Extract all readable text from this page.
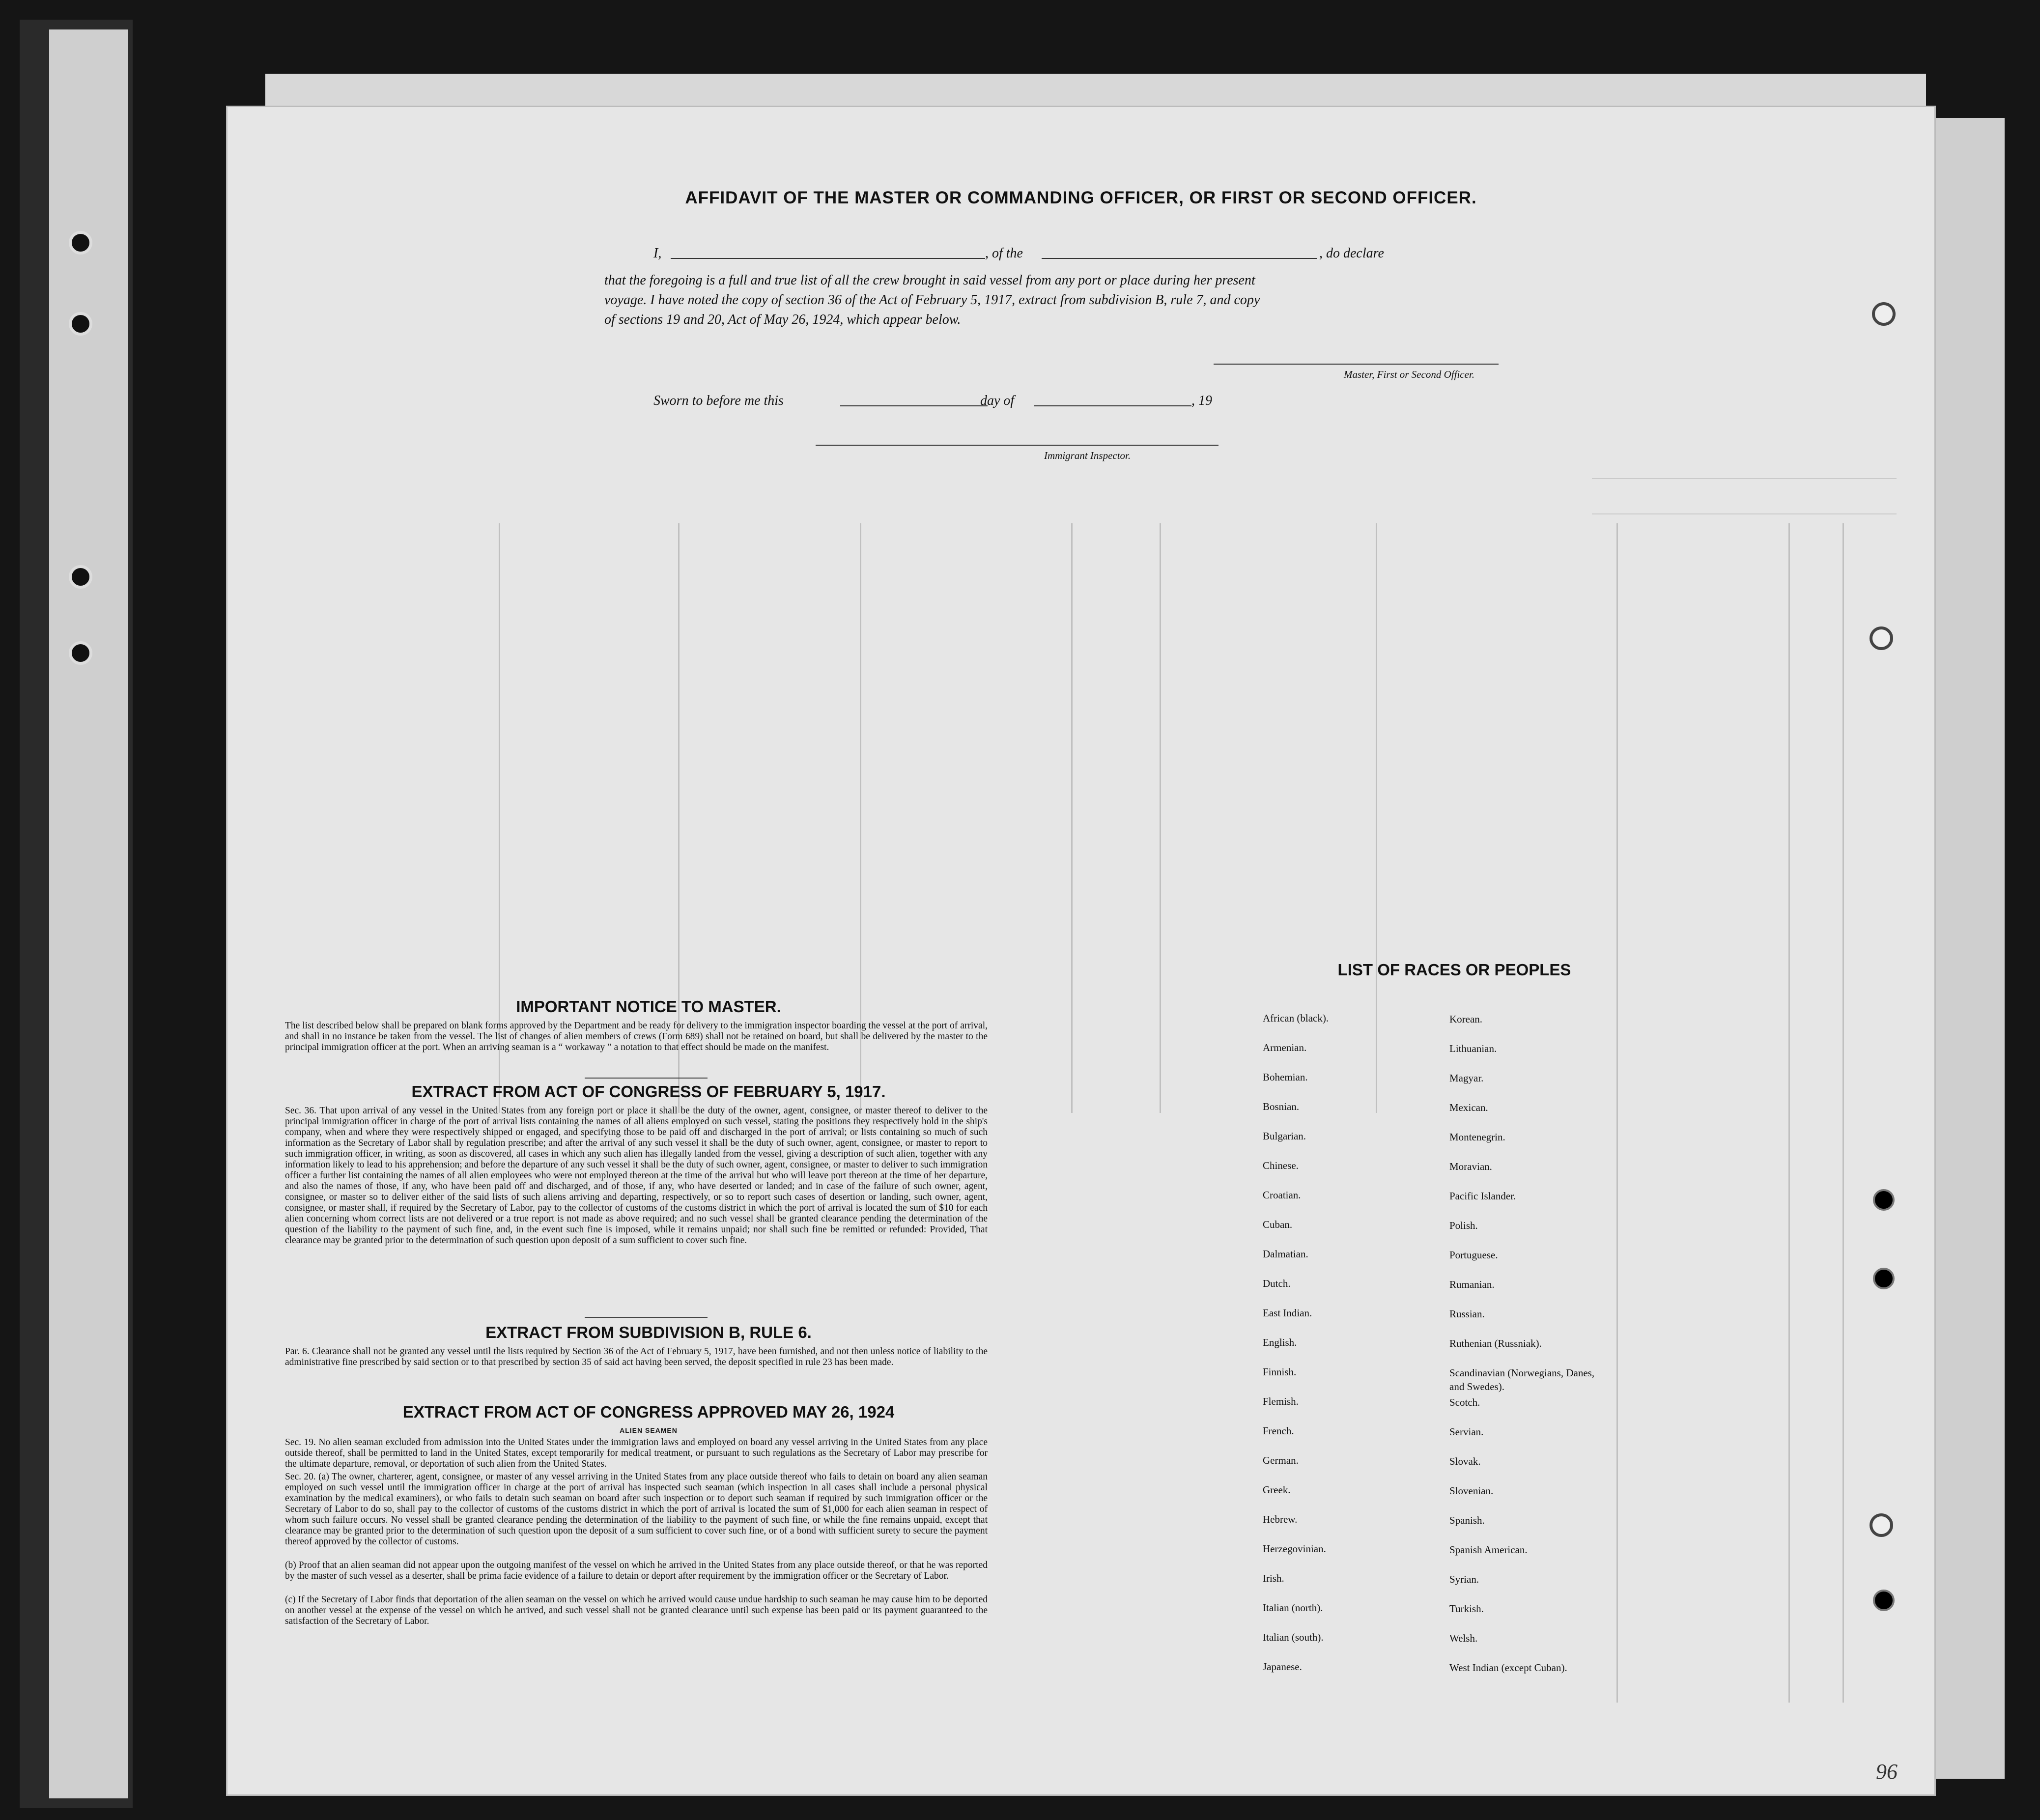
AFFIDAVIT OF THE MASTER OR COMMANDING OFFICER, OR FIRST OR SECOND OFFICER.
I,	, of the	, do declare
that the foregoing is a full and true list of all the crew brought in said vessel from any port or place during her present
voyage. I have noted the copy of section 36 of the Act of February 5, 1917, extract from subdivision B, rule 7, and copy
of sections 19 and 20, Act of May 26, 1924, which appear below.
Master, First or Second Officer.
Sworn to before me this	day of	, 19
Immigrant Inspector.
IMPORTANT NOTICE TO MASTER.
The list described below shall be prepared on blank forms approved by the Department and be ready for delivery to the immigration inspector boarding the vessel at the port of arrival, and shall in no instance be taken from the vessel. The list of changes of alien members of crews (Form 689) shall not be retained on board, but shall be delivered by the master to the principal immigration officer at the port. When an arriving seaman is a “ workaway ” a notation to that effect should be made on the manifest.
EXTRACT FROM ACT OF CONGRESS OF FEBRUARY 5, 1917.
Sec. 36. That upon arrival of any vessel in the United States from any foreign port or place it shall be the duty of the owner, agent, consignee, or master thereof to deliver to the principal immigration officer in charge of the port of arrival lists containing the names of all aliens employed on such vessel, stating the positions they respectively hold in the ship's company, when and where they were respectively shipped or engaged, and specifying those to be paid off and discharged in the port of arrival; or lists containing so much of such information as the Secretary of Labor shall by regulation prescribe; and after the arrival of any such vessel it shall be the duty of such owner, agent, consignee, or master to report to such immigration officer, in writing, as soon as discovered, all cases in which any such alien has illegally landed from the vessel, giving a description of such alien, together with any information likely to lead to his apprehension; and before the departure of any such vessel it shall be the duty of such owner, agent, consignee, or master to deliver to such immigration officer a further list containing the names of all alien employees who were not employed thereon at the time of the arrival but who will leave port thereon at the time of her departure, and also the names of those, if any, who have been paid off and discharged, and of those, if any, who have deserted or landed; and in case of the failure of such owner, agent, consignee, or master so to deliver either of the said lists of such aliens arriving and departing, respectively, or so to report such cases of desertion or landing, such owner, agent, consignee, or master shall, if required by the Secretary of Labor, pay to the collector of customs of the customs district in which the port of arrival is located the sum of $10 for each alien concerning whom correct lists are not delivered or a true report is not made as above required; and no such vessel shall be granted clearance pending the determination of the question of the liability to the payment of such fine, and, in the event such fine is imposed, while it remains unpaid; nor shall such fine be remitted or refunded: Provided, That clearance may be granted prior to the determination of such question upon deposit of a sum sufficient to cover such fine.
EXTRACT FROM SUBDIVISION B, RULE 6.
Par. 6. Clearance shall not be granted any vessel until the lists required by Section 36 of the Act of February 5, 1917, have been furnished, and not then unless notice of liability to the administrative fine prescribed by said section or to that prescribed by section 35 of said act having been served, the deposit specified in rule 23 has been made.
EXTRACT FROM ACT OF CONGRESS APPROVED MAY 26, 1924
ALIEN SEAMEN
Sec. 19. No alien seaman excluded from admission into the United States under the immigration laws and employed on board any vessel arriving in the United States from any place outside thereof, shall be permitted to land in the United States, except temporarily for medical treatment, or pursuant to such regulations as the Secretary of Labor may prescribe for the ultimate departure, removal, or deportation of such alien from the United States.
Sec. 20. (a) The owner, charterer, agent, consignee, or master of any vessel arriving in the United States from any place outside thereof who fails to detain on board any alien seaman employed on such vessel until the immigration officer in charge at the port of arrival has inspected such seaman (which inspection in all cases shall include a personal physical examination by the medical examiners), or who fails to detain such seaman on board after such inspection or to deport such seaman if required by such immigration officer or the Secretary of Labor to do so, shall pay to the collector of customs of the customs district in which the port of arrival is located the sum of $1,000 for each alien seaman in respect of whom such failure occurs. No vessel shall be granted clearance pending the determination of the liability to the payment of such fine, or while the fine remains unpaid, except that clearance may be granted prior to the determination of such question upon the deposit of a sum sufficient to cover such fine, or of a bond with sufficient surety to secure the payment thereof approved by the collector of customs.
(b) Proof that an alien seaman did not appear upon the outgoing manifest of the vessel on which he arrived in the United States from any place outside thereof, or that he was reported by the master of such vessel as a deserter, shall be prima facie evidence of a failure to detain or deport after requirement by the immigration officer or the Secretary of Labor.
(c) If the Secretary of Labor finds that deportation of the alien seaman on the vessel on which he arrived would cause undue hardship to such seaman he may cause him to be deported on another vessel at the expense of the vessel on which he arrived, and such vessel shall not be granted clearance until such expense has been paid or its payment guaranteed to the satisfaction of the Secretary of Labor.
LIST OF RACES OR PEOPLES
African (black).
Armenian.
Bohemian.
Bosnian.
Bulgarian.
Chinese.
Croatian.
Cuban.
Dalmatian.
Dutch.
East Indian.
English.
Finnish.
Flemish.
French.
German.
Greek.
Hebrew.
Herzegovinian.
Irish.
Italian (north).
Italian (south).
Japanese.
Korean.
Lithuanian.
Magyar.
Mexican.
Montenegrin.
Moravian.
Pacific Islander.
Polish.
Portuguese.
Rumanian.
Russian.
Ruthenian (Russniak).
Scandinavian (Norwegians, Danes, and Swedes).
Scotch.
Servian.
Slovak.
Slovenian.
Spanish.
Spanish American.
Syrian.
Turkish.
Welsh.
West Indian (except Cuban).
96
